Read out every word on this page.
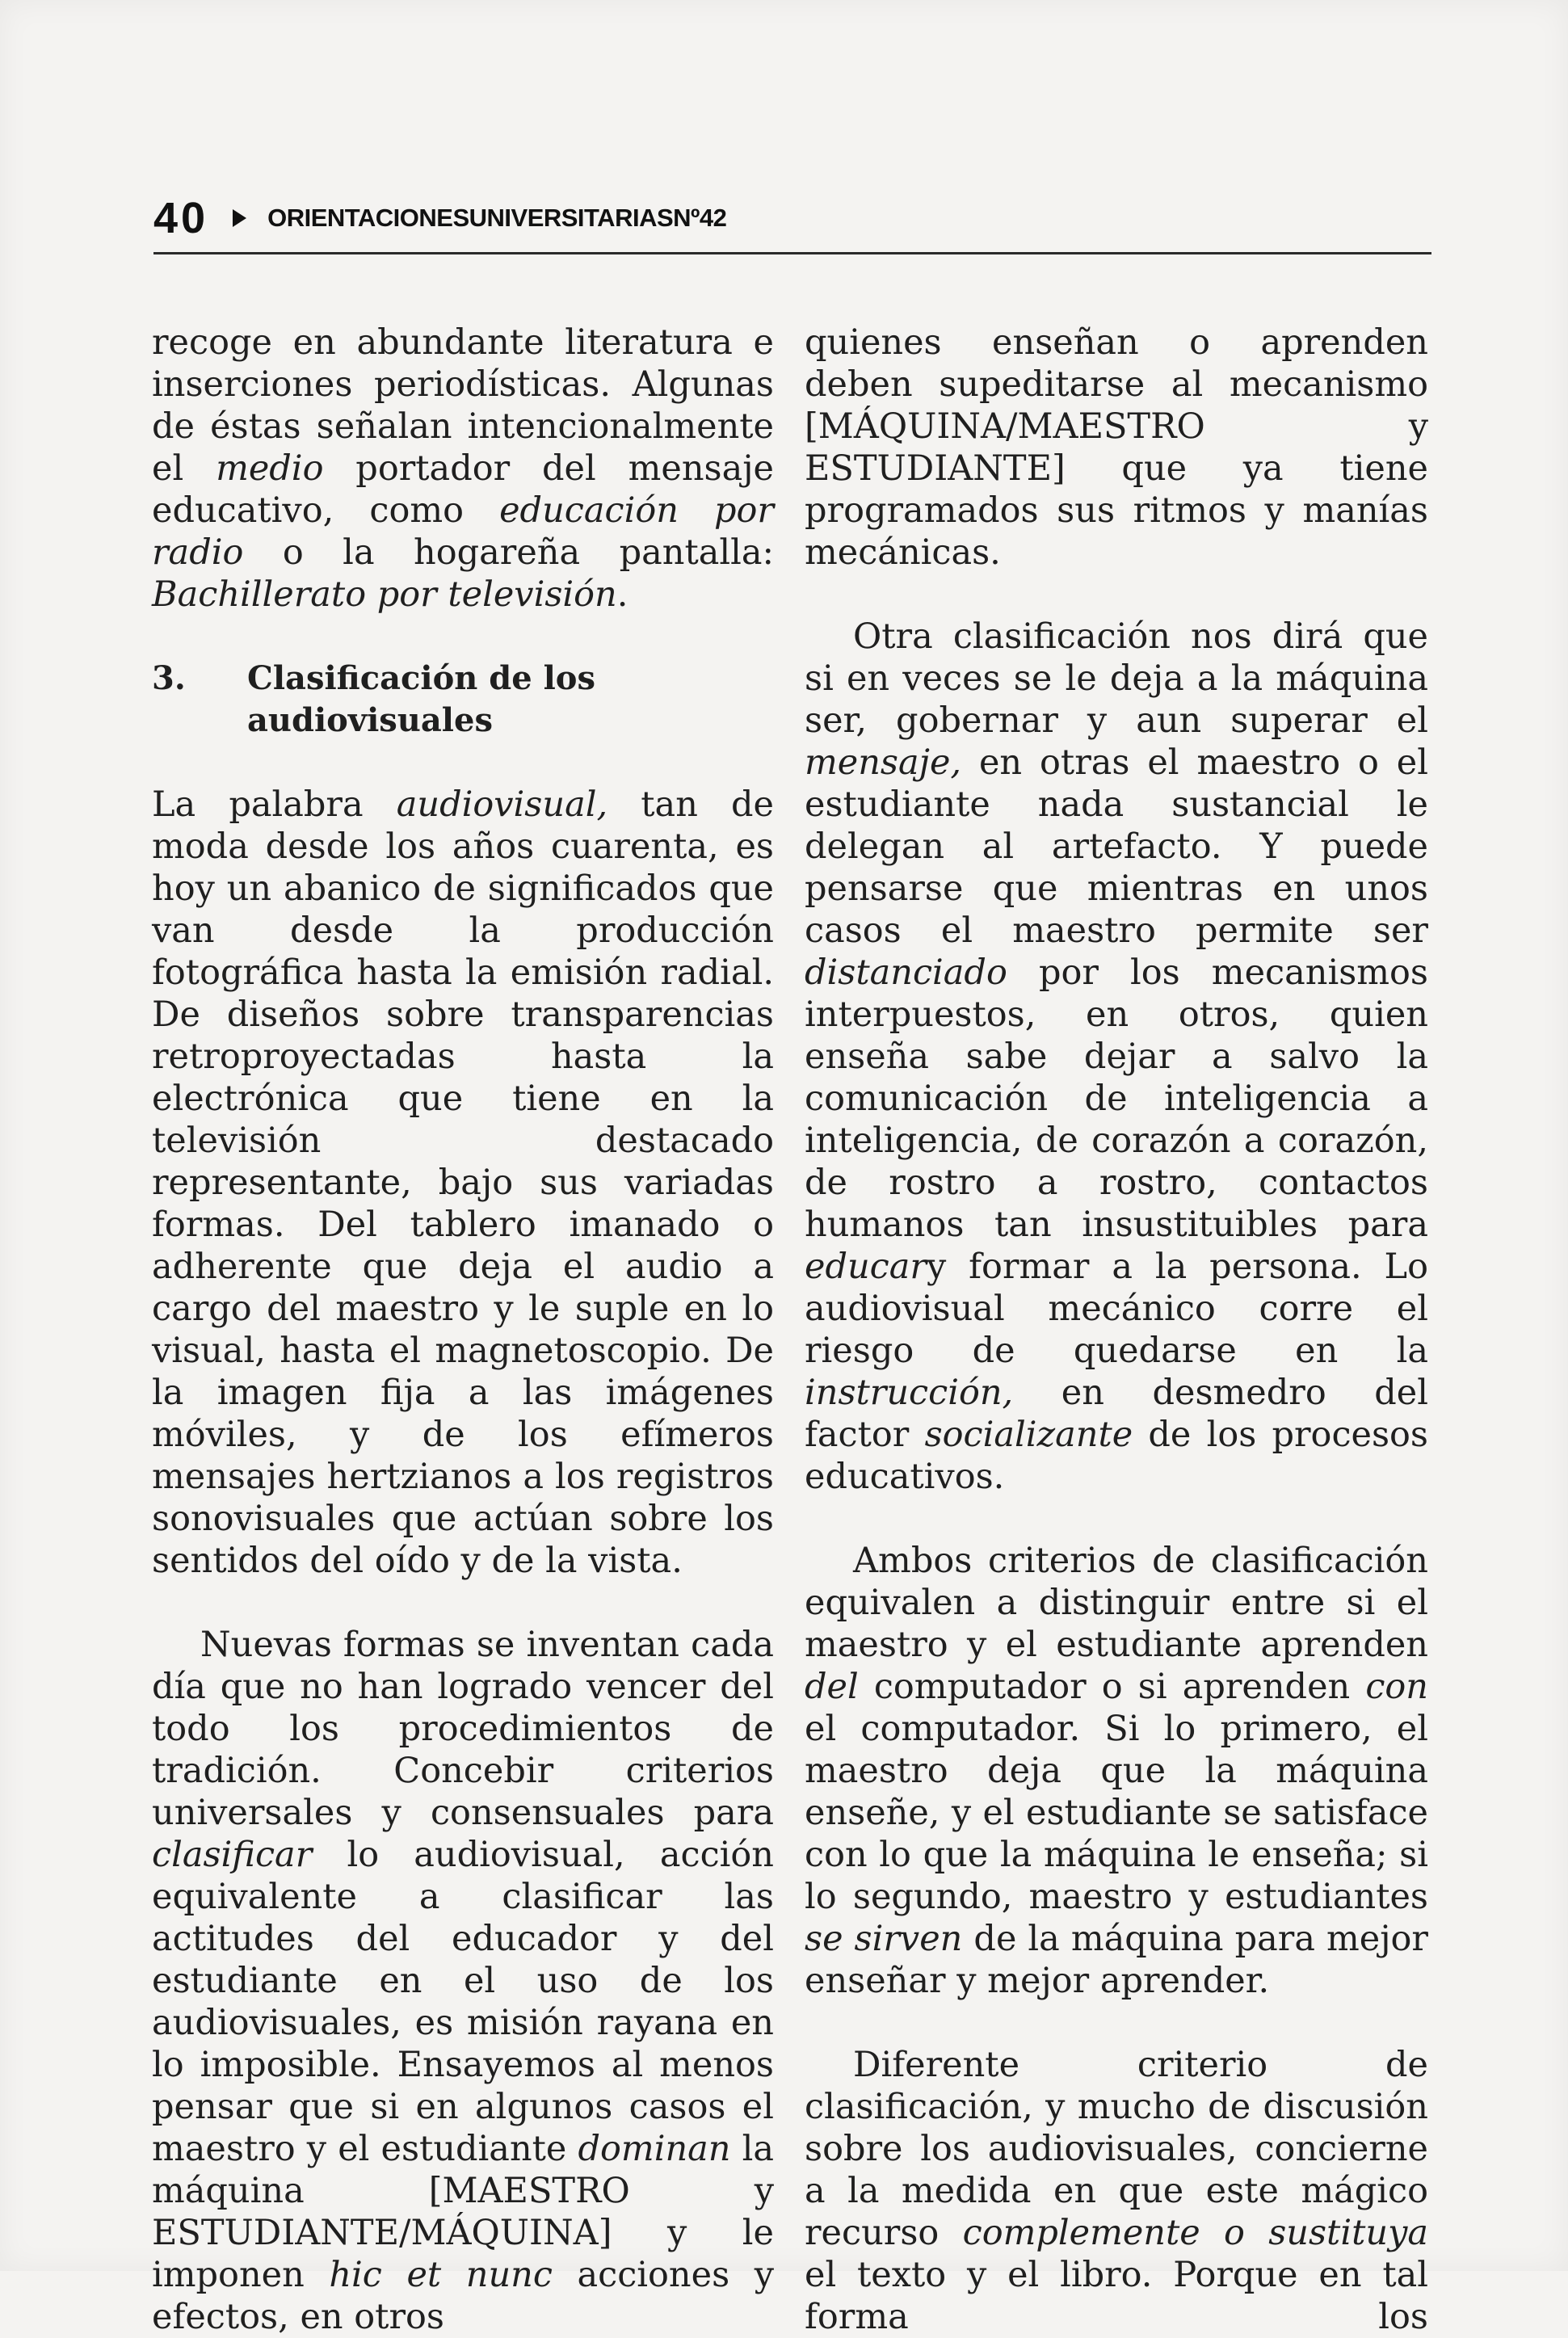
40 ORIENTACIONESUNIVERSITARIASNº42

recoge en abundante literatura e inserciones periodísticas. Algunas de éstas señalan intencionalmente el medio portador del mensaje educativo, como educación por radio o la hogareña pantalla: Bachillerato por televisión.

3.	Clasificación de los audiovisuales

La palabra audiovisual, tan de moda desde los años cuarenta, es hoy un abanico de significados que van desde la producción fotográfica hasta la emisión radial. De diseños sobre transparencias retroproyectadas hasta la electrónica que tiene en la televisión destacado representante, bajo sus variadas formas. Del tablero imanado o adherente que deja el audio a cargo del maestro y le suple en lo visual, hasta el magnetoscopio. De la imagen fija a las imágenes móviles, y de los efímeros mensajes hertzianos a los registros sonovisuales que actúan sobre los sentidos del oído y de la vista.

Nuevas formas se inventan cada día que no han logrado vencer del todo los procedimientos de tradición. Concebir criterios universales y consensuales para clasificar lo audiovisual, acción equivalente a clasificar las actitudes del educador y del estudiante en el uso de los audiovisuales, es misión rayana en lo imposible. Ensayemos al menos pensar que si en algunos casos el maestro y el estudiante dominan la máquina [MAESTRO y ESTUDIANTE/MÁQUINA] y le imponen hic et nunc acciones y efectos, en otros

quienes enseñan o aprenden deben supeditarse al mecanismo [MÁQUINA/MAESTRO y ESTUDIANTE] que ya tiene programados sus ritmos y manías mecánicas.

Otra clasificación nos dirá que si en veces se le deja a la máquina ser, gobernar y aun superar el mensaje, en otras el maestro o el estudiante nada sustancial le delegan al artefacto. Y puede pensarse que mientras en unos casos el maestro permite ser distanciado por los mecanismos interpuestos, en otros, quien enseña sabe dejar a salvo la comunicación de inteligencia a inteligencia, de corazón a corazón, de rostro a rostro, contactos humanos tan insustituibles para educary formar a la persona. Lo audiovisual mecánico corre el riesgo de quedarse en la instrucción, en desmedro del factor socializante de los procesos educativos.

Ambos criterios de clasificación equivalen a distinguir entre si el maestro y el estudiante aprenden del computador o si aprenden con el computador. Si lo primero, el maestro deja que la máquina enseñe, y el estudiante se satisface con lo que la máquina le enseña; si lo segundo, maestro y estudiantes se sirven de la máquina para mejor enseñar y mejor aprender.

Diferente criterio de clasificación, y mucho de discusión sobre los audiovisuales, concierne a la medida en que este mágico recurso complemente o sustituya el texto y el libro. Porque en tal forma los
